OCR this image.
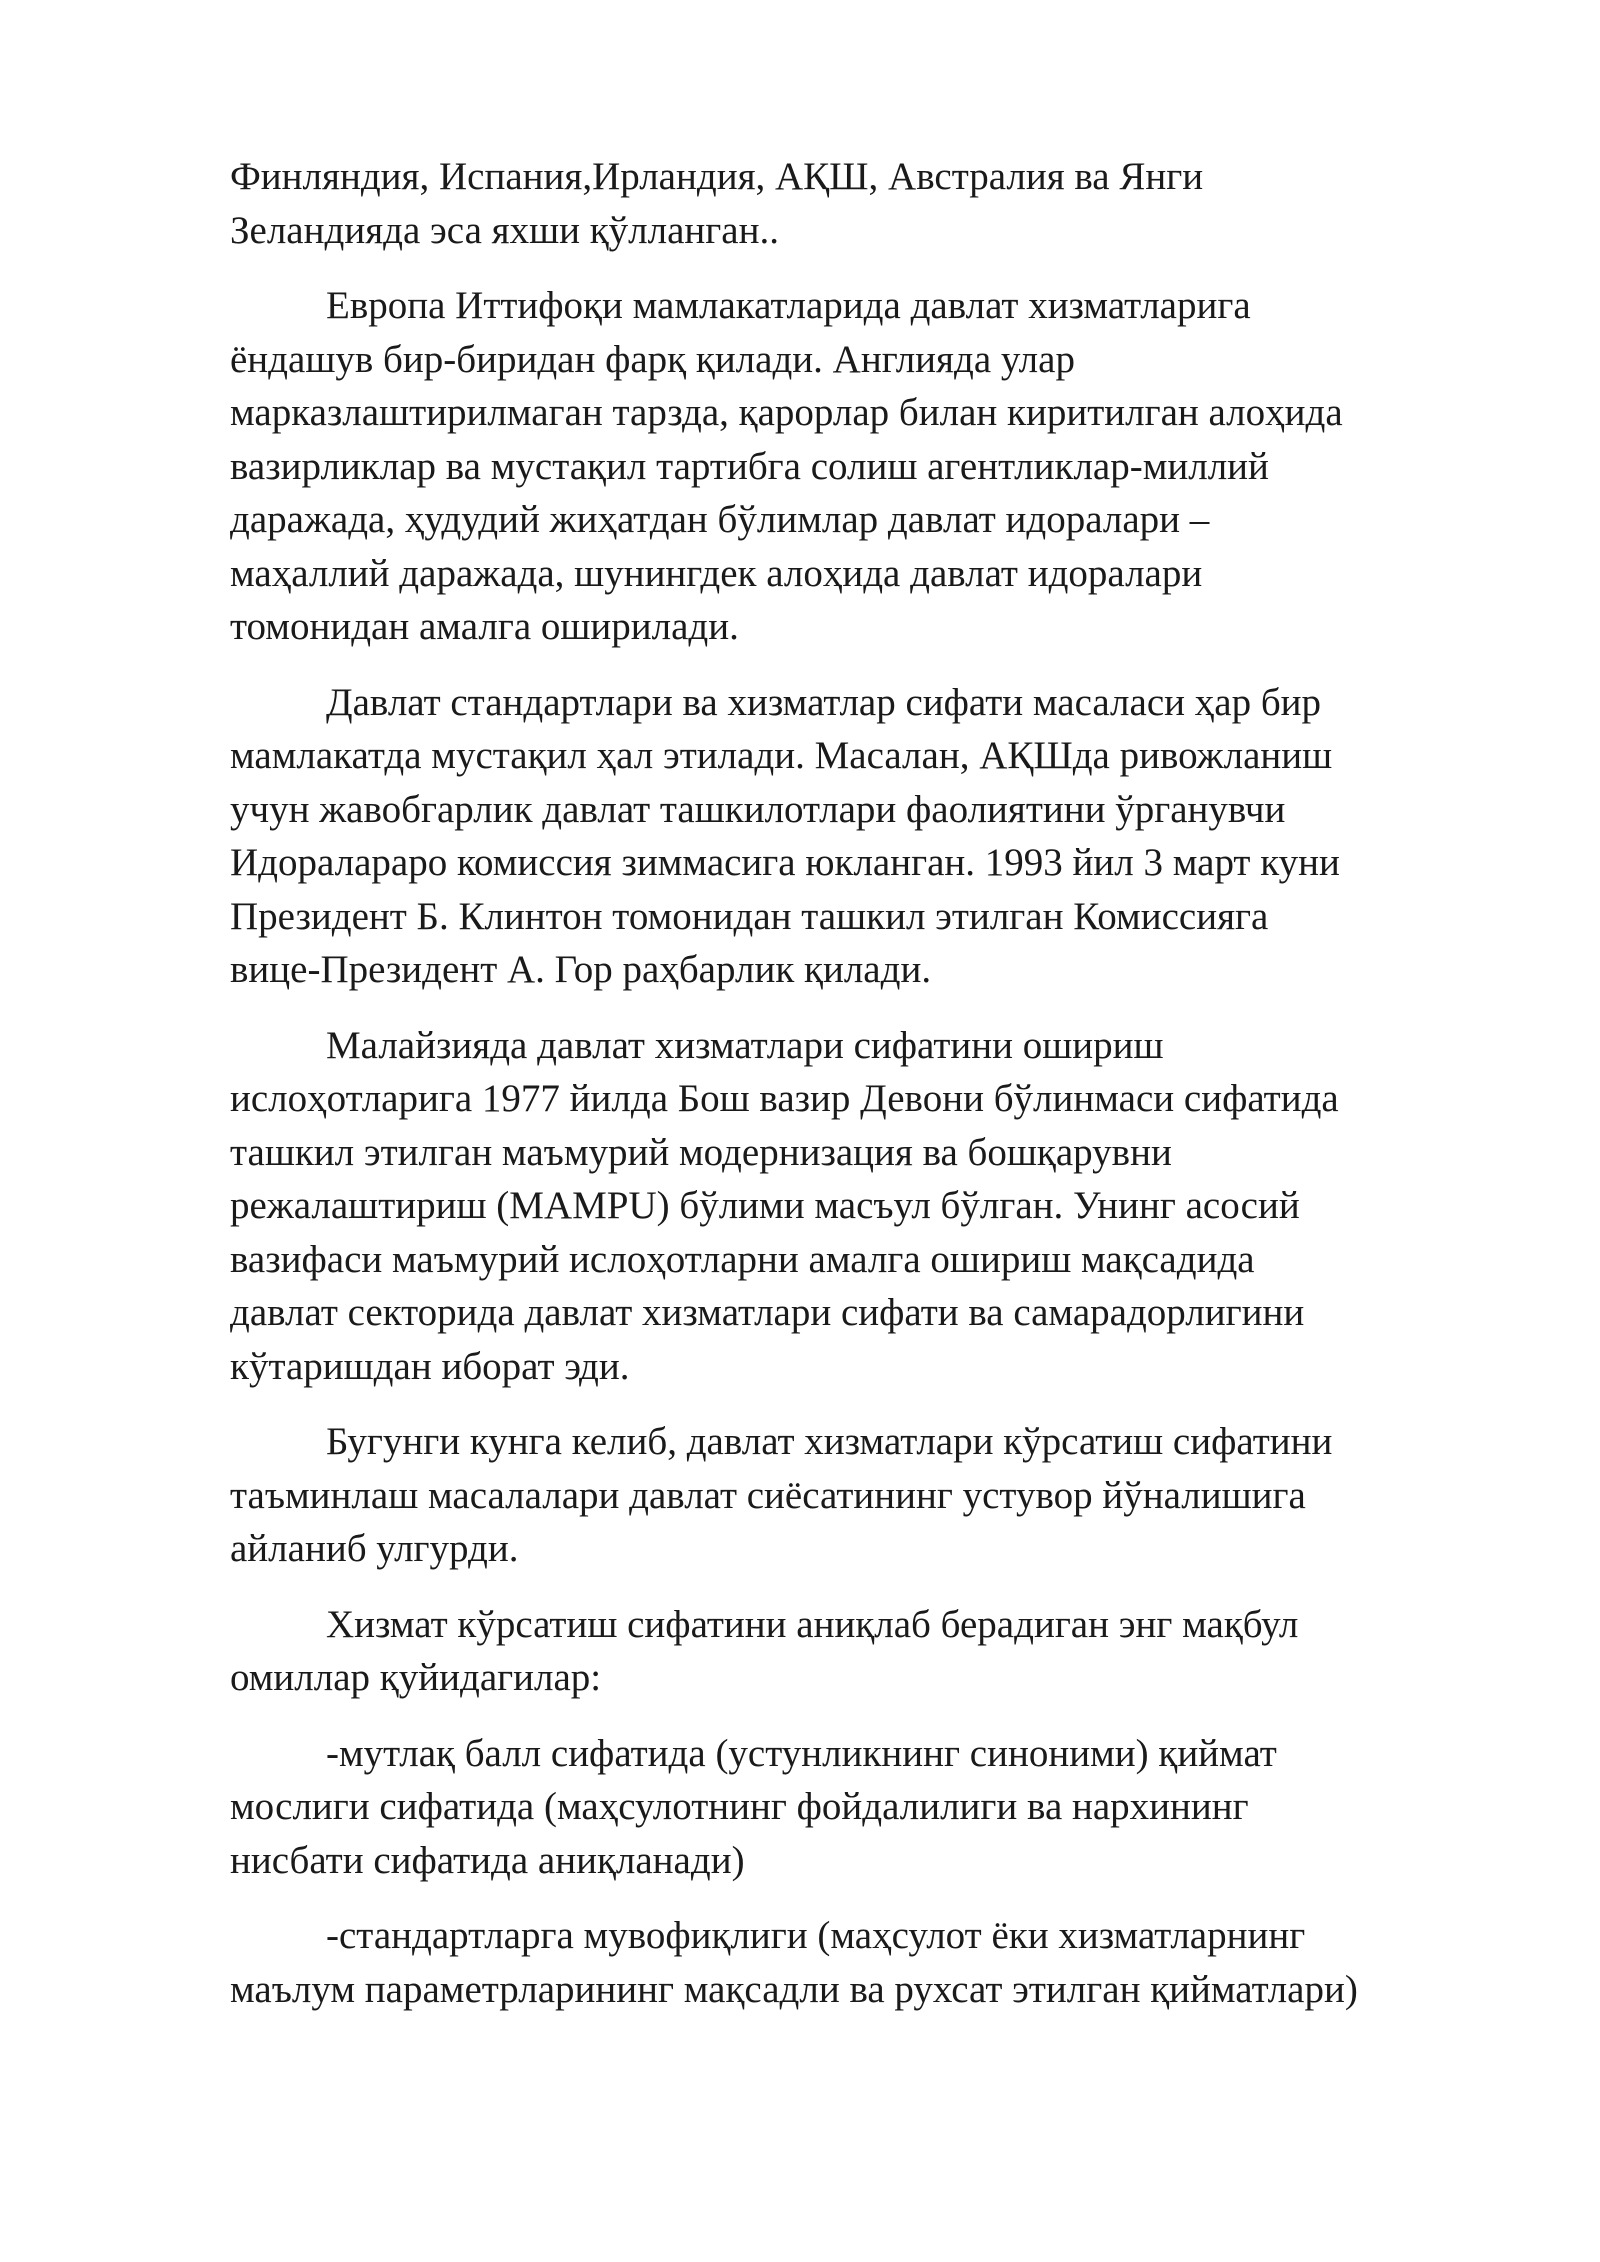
Финляндия, Испания,Ирландия, АҚШ, Австралия ва Янги
Зеландияда эса яхши қўлланган..

Европа Иттифоқи мамлакатларида давлат хизматларига
ёндашув бир-биридан фарқ қилади. Англияда улар
марказлаштирилмаган тарзда, қарорлар билан киритилган алоҳида
вазирликлар ва мустақил тартибга солиш агентликлар-миллий
даражада, ҳудудий жиҳатдан бўлимлар давлат идоралари –
маҳаллий даражада, шунингдек алоҳида давлат идоралари
томонидан амалга оширилади.

Давлат стандартлари ва хизматлар сифати масаласи ҳар бир
мамлакатда мустақил ҳал этилади. Масалан, АҚШда ривожланиш
учун жавобгарлик давлат ташкилотлари фаолиятини ўрганувчи
Идоралараро комиссия зиммасига юкланган. 1993 йил 3 март куни
Президент Б. Клинтон томонидан ташкил этилган Комиссияга
вице-Президент А. Гор раҳбарлик қилади.

Малайзияда давлат хизматлари сифатини ошириш
ислоҳотларига 1977 йилда Бош вазир Девони бўлинмаси сифатида
ташкил этилган маъмурий модернизация ва бошқарувни
режалаштириш (MAMPU) бўлими масъул бўлган. Унинг асосий
вазифаси маъмурий ислоҳотларни амалга ошириш мақсадида
давлат секторида давлат хизматлари сифати ва самарадорлигини
кўтаришдан иборат эди.

Бугунги кунга келиб, давлат хизматлари кўрсатиш сифатини
таъминлаш масалалари давлат сиёсатининг устувор йўналишига
айланиб улгурди.

Хизмат кўрсатиш сифатини аниқлаб берадиган энг мақбул
омиллар қуйидагилар:

-мутлақ балл сифатида (устунликнинг синоними) қиймат
мослиги сифатида (маҳсулотнинг фойдалилиги ва нархининг
нисбати сифатида аниқланади)

-стандартларга мувофиқлиги (маҳсулот ёки хизматларнинг
маълум параметрларининг мақсадли ва рухсат этилган қийматлари)
